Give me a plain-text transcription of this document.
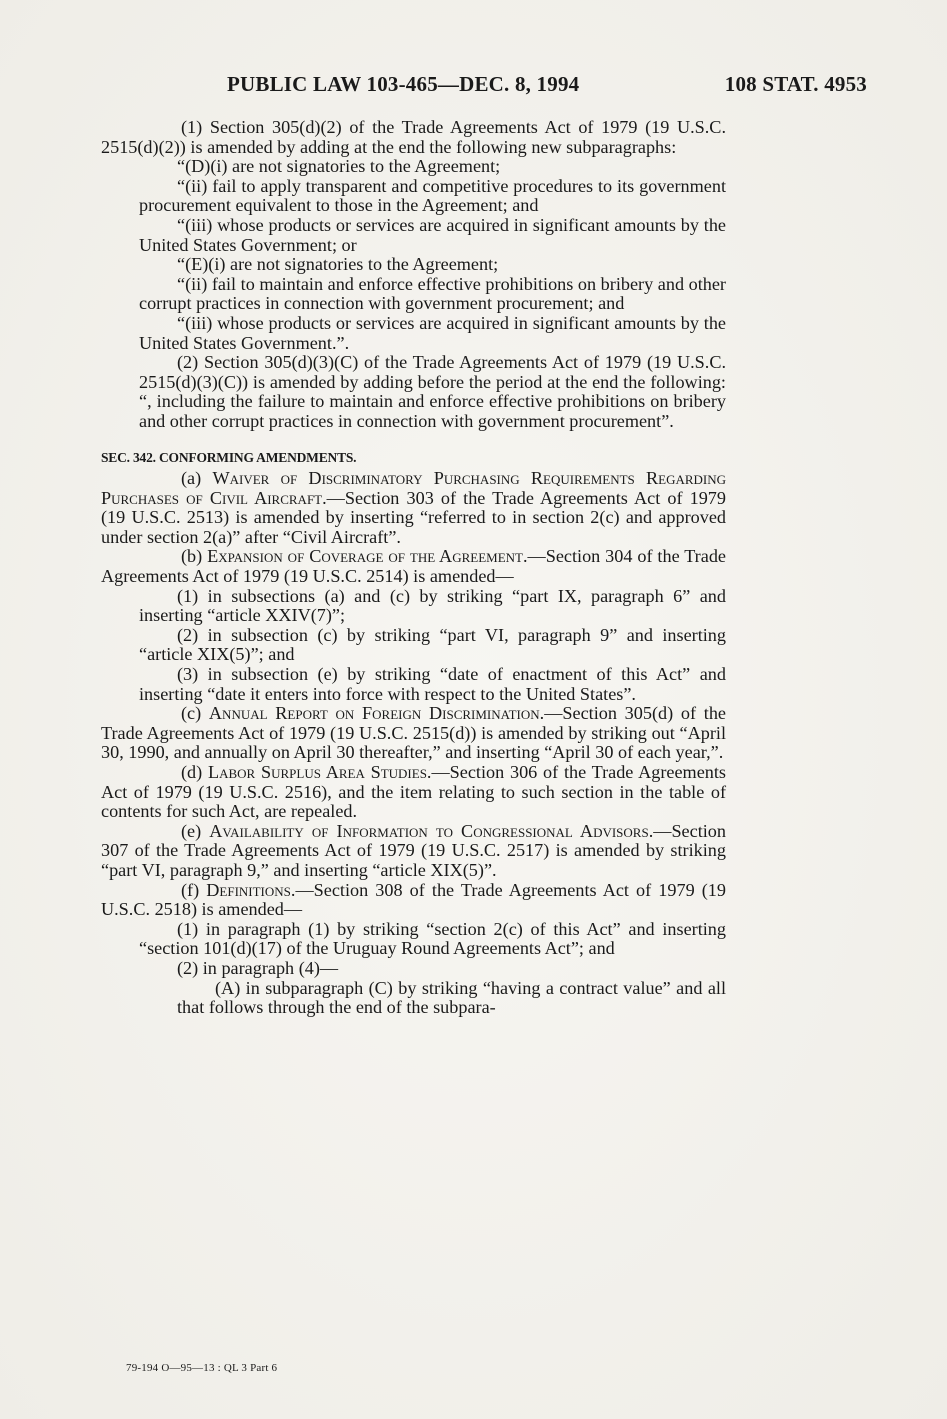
PUBLIC LAW 103-465—DEC. 8, 1994	108 STAT. 4953

(1) Section 305(d)(2) of the Trade Agreements Act of 1979 (19 U.S.C. 2515(d)(2)) is amended by adding at the end the following new subparagraphs:

“(D)(i) are not signatories to the Agreement;

“(ii) fail to apply transparent and competitive procedures to its government procurement equivalent to those in the Agreement; and

“(iii) whose products or services are acquired in significant amounts by the United States Government; or

“(E)(i) are not signatories to the Agreement;

“(ii) fail to maintain and enforce effective prohibitions on bribery and other corrupt practices in connection with government procurement; and

“(iii) whose products or services are acquired in significant amounts by the United States Government.”.

(2) Section 305(d)(3)(C) of the Trade Agreements Act of 1979 (19 U.S.C. 2515(d)(3)(C)) is amended by adding before the period at the end the following: “, including the failure to maintain and enforce effective prohibitions on bribery and other corrupt practices in connection with government procurement”.

SEC. 342. CONFORMING AMENDMENTS.

(a) Waiver of Discriminatory Purchasing Requirements Regarding Purchases of Civil Aircraft.—Section 303 of the Trade Agreements Act of 1979 (19 U.S.C. 2513) is amended by inserting “referred to in section 2(c) and approved under section 2(a)” after “Civil Aircraft”.

(b) Expansion of Coverage of the Agreement.—Section 304 of the Trade Agreements Act of 1979 (19 U.S.C. 2514) is amended—

(1) in subsections (a) and (c) by striking “part IX, paragraph 6” and inserting “article XXIV(7)”;

(2) in subsection (c) by striking “part VI, paragraph 9” and inserting “article XIX(5)”; and

(3) in subsection (e) by striking “date of enactment of this Act” and inserting “date it enters into force with respect to the United States”.

(c) Annual Report on Foreign Discrimination.—Section 305(d) of the Trade Agreements Act of 1979 (19 U.S.C. 2515(d)) is amended by striking out “April 30, 1990, and annually on April 30 thereafter,” and inserting “April 30 of each year,”.

(d) Labor Surplus Area Studies.—Section 306 of the Trade Agreements Act of 1979 (19 U.S.C. 2516), and the item relating to such section in the table of contents for such Act, are repealed.

(e) Availability of Information to Congressional Advisors.—Section 307 of the Trade Agreements Act of 1979 (19 U.S.C. 2517) is amended by striking “part VI, paragraph 9,” and inserting “article XIX(5)”.

(f) Definitions.—Section 308 of the Trade Agreements Act of 1979 (19 U.S.C. 2518) is amended—

(1) in paragraph (1) by striking “section 2(c) of this Act” and inserting “section 101(d)(17) of the Uruguay Round Agreements Act”; and

(2) in paragraph (4)—

(A) in subparagraph (C) by striking “having a contract value” and all that follows through the end of the subpara-

79-194 O—95—13 : QL 3 Part 6
